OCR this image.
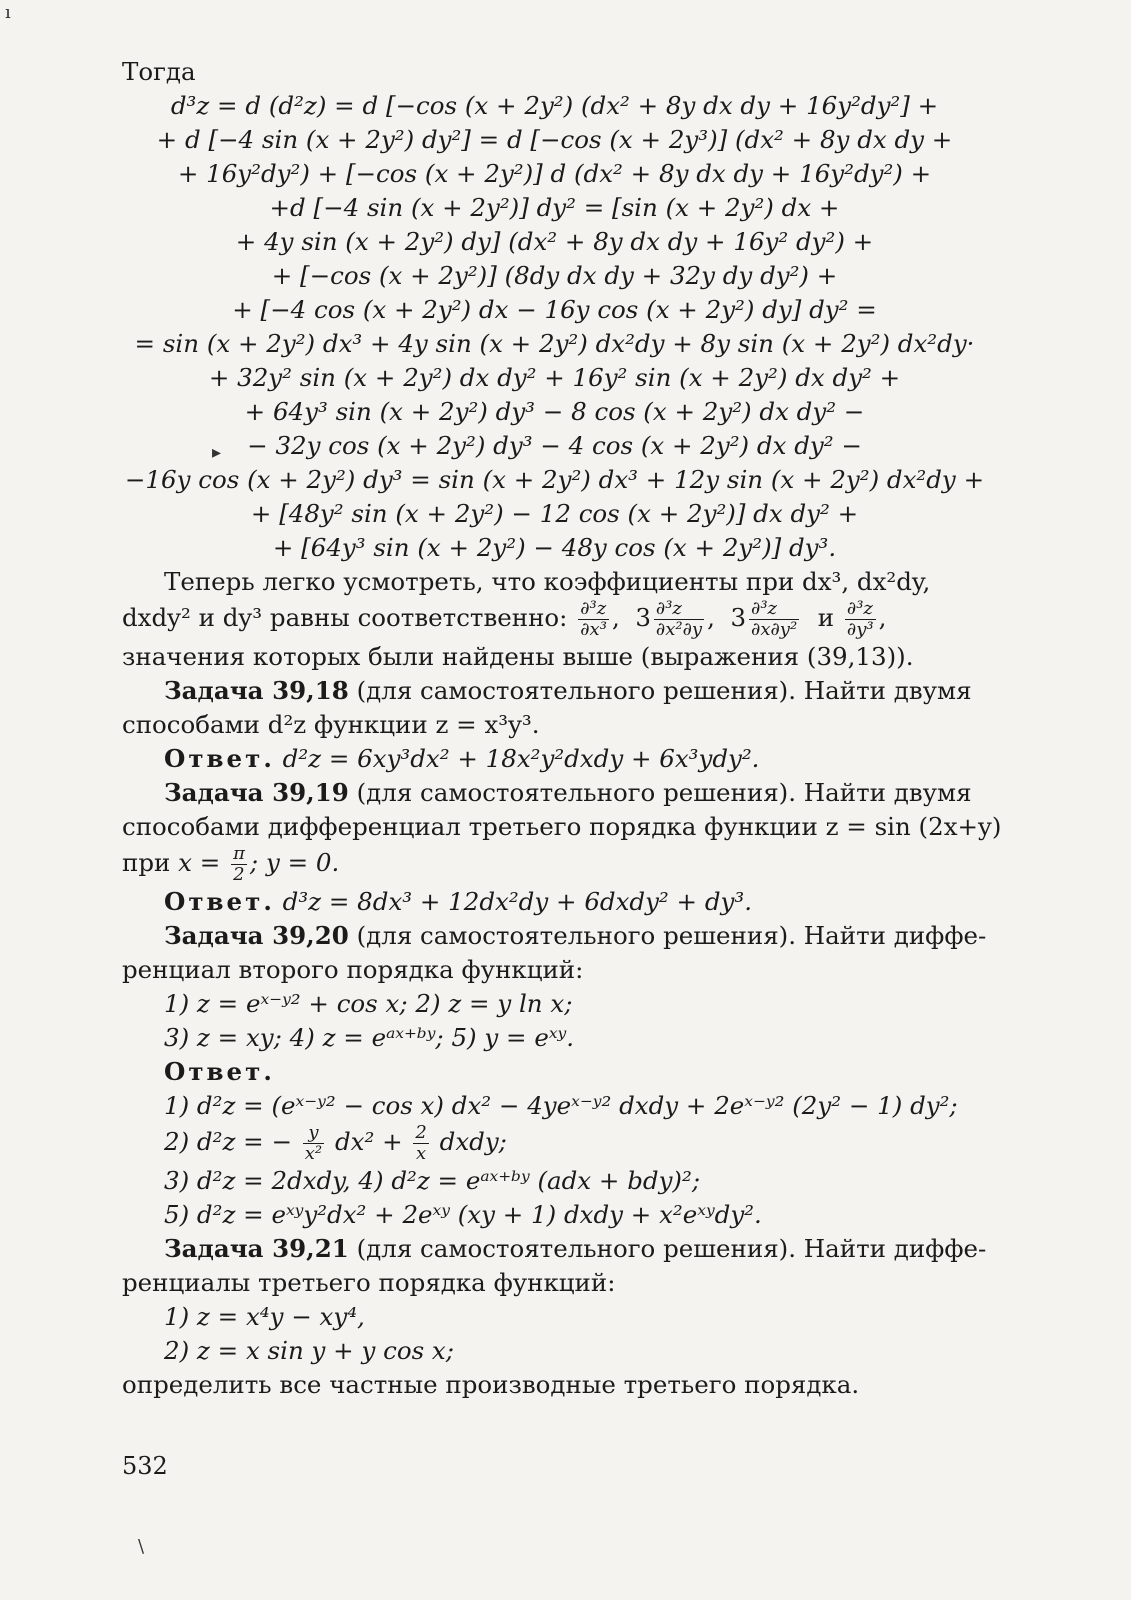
Тогда
d³z = d (d²z) = d [−cos (x + 2y²) (dx² + 8y dx dy + 16y²dy²] +
+ d [−4 sin (x + 2y²) dy²] = d [−cos (x + 2y³)] (dx² + 8y dx dy +
+ 16y²dy²) + [−cos (x + 2y²)] d (dx² + 8y dx dy + 16y²dy²) +
+d [−4 sin (x + 2y²)] dy² = [sin (x + 2y²) dx +
+ 4y sin (x + 2y²) dy] (dx² + 8y dx dy + 16y² dy²) +
+ [−cos (x + 2y²)] (8dy dx dy + 32y dy dy²) +
+ [−4 cos (x + 2y²) dx − 16y cos (x + 2y²) dy] dy² =
= sin (x + 2y²) dx³ + 4y sin (x + 2y²) dx²dy + 8y sin (x + 2y²) dx²dy·
+ 32y² sin (x + 2y²) dx dy² + 16y² sin (x + 2y²) dx dy² +
+ 64y³ sin (x + 2y²) dy³ − 8 cos (x + 2y²) dx dy² −
− 32y cos (x + 2y²) dy³ − 4 cos (x + 2y²) dx dy² −
−16y cos (x + 2y²) dy³ = sin (x + 2y²) dx³ + 12y sin (x + 2y²) dx²dy +
+ [48y² sin (x + 2y²) − 12 cos (x + 2y²)] dx dy² +
+ [64y³ sin (x + 2y²) − 48y cos (x + 2y²)] dy³.
Теперь легко усмотреть, что коэффициенты при dx³, dx²dy,
dxdy² и dy³ равны соответственно: $\frac{\text{∂³z}}{\text{∂x³}}$ , $3 \frac{\text{∂³z}}{\text{∂x²∂y}}$ , $3 \frac{\text{∂³z}}{\text{∂x∂y²}}$ и $\frac{\text{∂³z}}{\text{∂y³}}$ ,
значения которых были найдены выше (выражения (39,13)).
Задача 39,18 (для самостоятельного решения). Найти двумя
способами d²z функции z = x³y³.
Ответ. d²z = 6xy³dx² + 18x²y²dxdy + 6x³ydy².
Задача 39,19 (для самостоятельного решения). Найти двумя
способами дифференциал третьего порядка функции z = sin (2x+y)
при $x = \frac{\pi}{2}$ ; y = 0.
Ответ. d³z = 8dx³ + 12dx²dy + 6dxdy² + dy³.
Задача 39,20 (для самостоятельного решения). Найти диффе-
ренциал второго порядка функций:
1) z = eˣ⁻ʸ² + cos x; 2) z = y ln x;
3) z = xy; 4) z = eᵃˣ⁺ᵇʸ; 5) y = eˣʸ.
Ответ.
1) d²z = (eˣ⁻ʸ² − cos x) dx² − 4yeˣ⁻ʸ² dxdy + 2eˣ⁻ʸ² (2y² − 1) dy²;
2) d²z = − $\frac{y}{\text{x²}} dx^2 + \frac{2}{x}$ dxdy;
3) d²z = 2dxdy, 4) d²z = eᵃˣ⁺ᵇʸ (adx + bdy)²;
5) d²z = eˣʸy²dx² + 2eˣʸ (xy + 1) dxdy + x²eˣʸdy².
Задача 39,21 (для самостоятельного решения). Найти диффе-
ренциалы третьего порядка функций:
1) z = x⁴y − xy⁴,
2) z = x sin y + y cos x;
определить все частные производные третьего порядка.
532
ı
▸
\
